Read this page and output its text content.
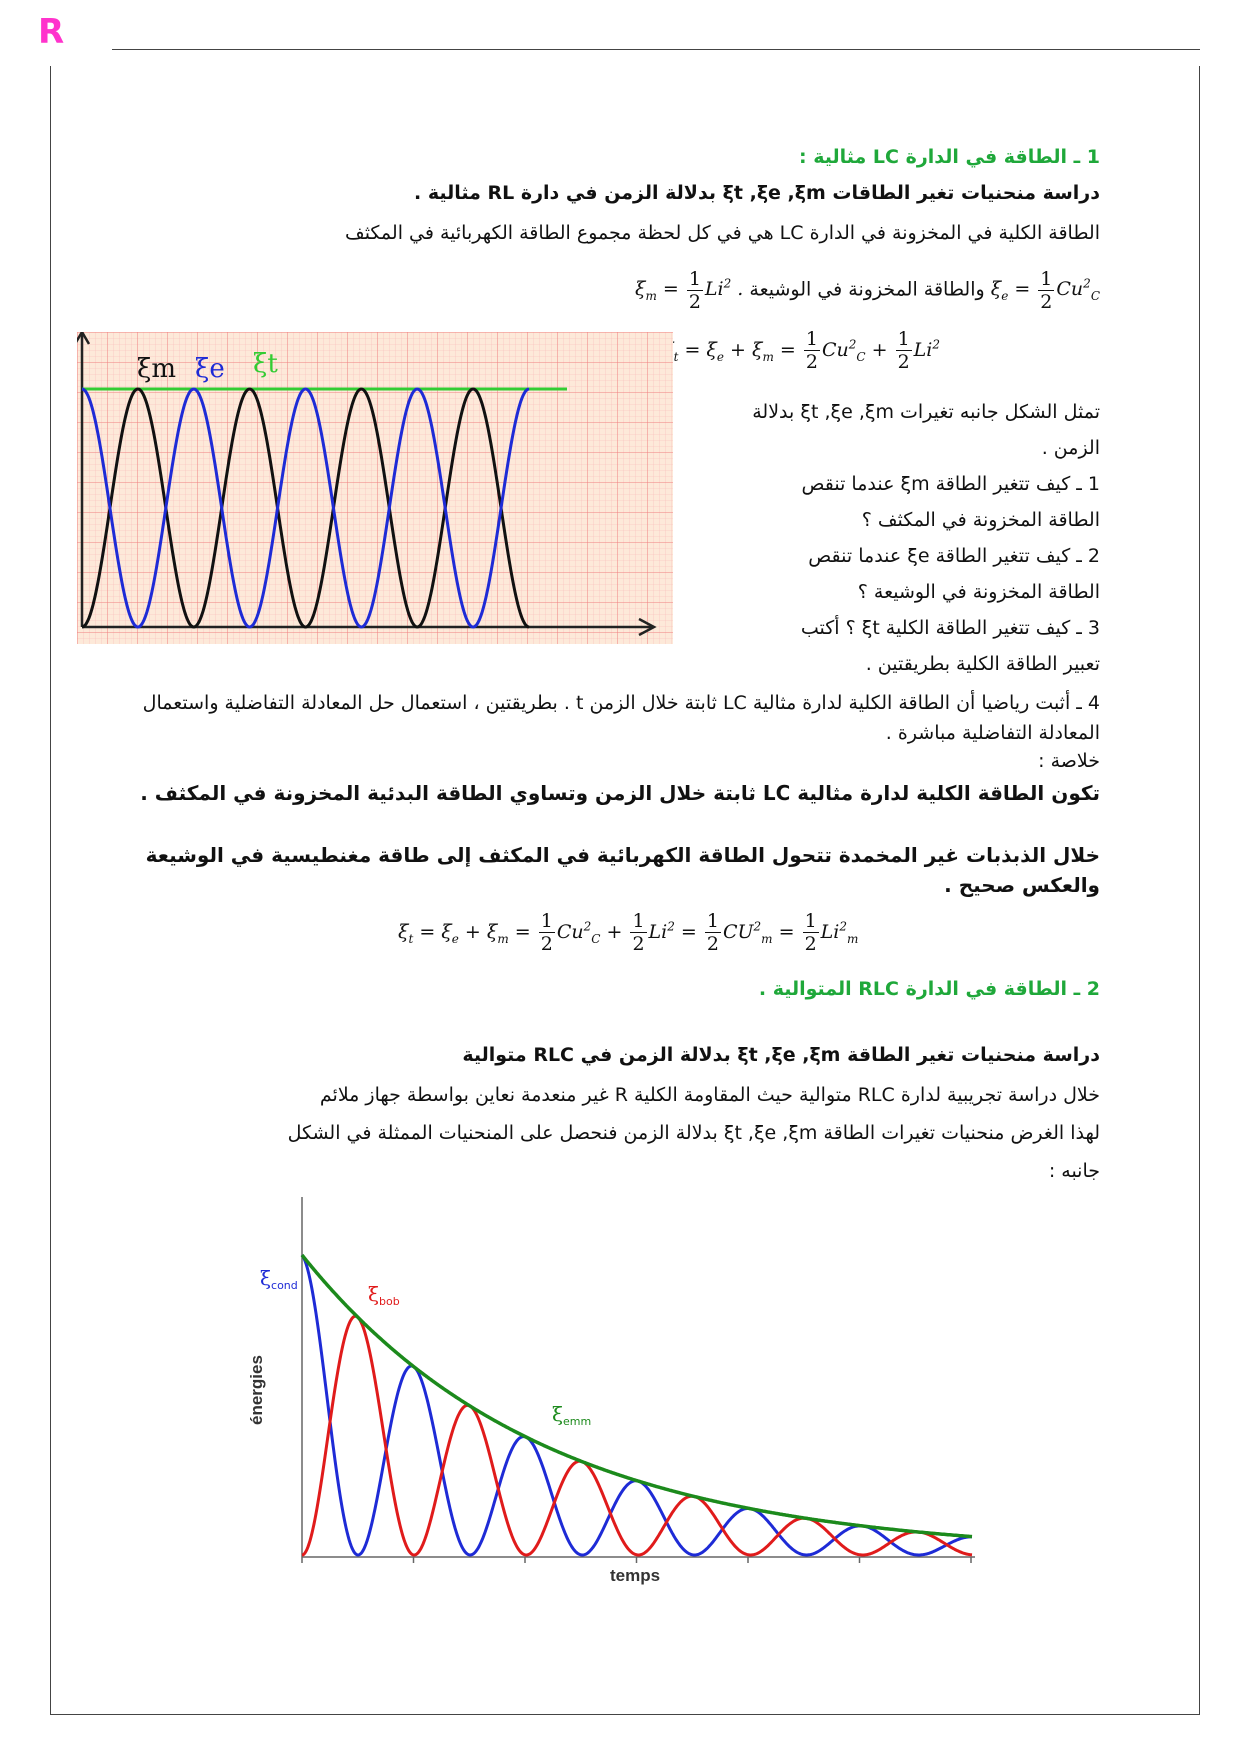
R
1 ـ الطاقة في الدارة LC مثالية :
دراسة منحنيات تغير الطاقات ξt ,ξe ,ξm بدلالة الزمن في دارة RL مثالية .
الطاقة الكلية في المخزونة في الدارة LC هي في كل لحظة مجموع الطاقة الكهربائية في المكثف
$\xi_e = \frac{1}{2} Cu^2_C$ والطاقة المخزونة في الوشيعة $\xi_m = \frac{1}{2} Li^2$ .
$_t = \xi_e + \xi_m = \frac{1}{2} Cu^2_C + \frac{1}{2} Li^2$
تمثل الشكل جانبه تغيرات ξt ,ξe ,ξm بدلالة
الزمن .
1 ـ كيف تتغير الطاقة ξm عندما تنقص
الطاقة المخزونة في المكثف ؟
2 ـ كيف تتغير الطاقة ξe عندما تنقص
الطاقة المخزونة في الوشيعة ؟
3 ـ كيف تتغير الطاقة الكلية ξt ؟ أكتب
تعبير الطاقة الكلية بطريقتين .
ξm ξe ξt
4 ـ أثبت رياضيا أن الطاقة الكلية لدارة مثالية LC ثابتة خلال الزمن t . بطريقتين ، استعمال حل المعادلة التفاضلية واستعمال المعادلة التفاضلية مباشرة .
خلاصة :
تكون الطاقة الكلية لدارة مثالية LC ثابتة خلال الزمن وتساوي الطاقة البدئية المخزونة في المكثف .
خلال الذبذبات غير المخمدة تتحول الطاقة الكهربائية في المكثف إلى طاقة مغنطيسية في الوشيعة والعكس صحيح .
$\xi_t = \xi_e + \xi_m = \frac{1}{2} Cu^2_C + \frac{1}{2} Li^2 = \frac{1}{2} CU^2_m = \frac{1}{2} Li^2_m$
2 ـ الطاقة في الدارة RLC المتوالية .
دراسة منحنيات تغير الطاقة ξt ,ξe ,ξm بدلالة الزمن في RLC متوالية
خلال دراسة تجريبية لدارة RLC متوالية حيث المقاومة الكلية R غير منعدمة نعاين بواسطة جهاز ملائم
لهذا الغرض منحنيات تغيرات الطاقة ξt ,ξe ,ξm بدلالة الزمن فنحصل على المنحنيات الممثلة في الشكل
جانبه :
énergies
temps
$\xi_{cond}$	$\xi_{bob}$
$\xi_{emm}$
